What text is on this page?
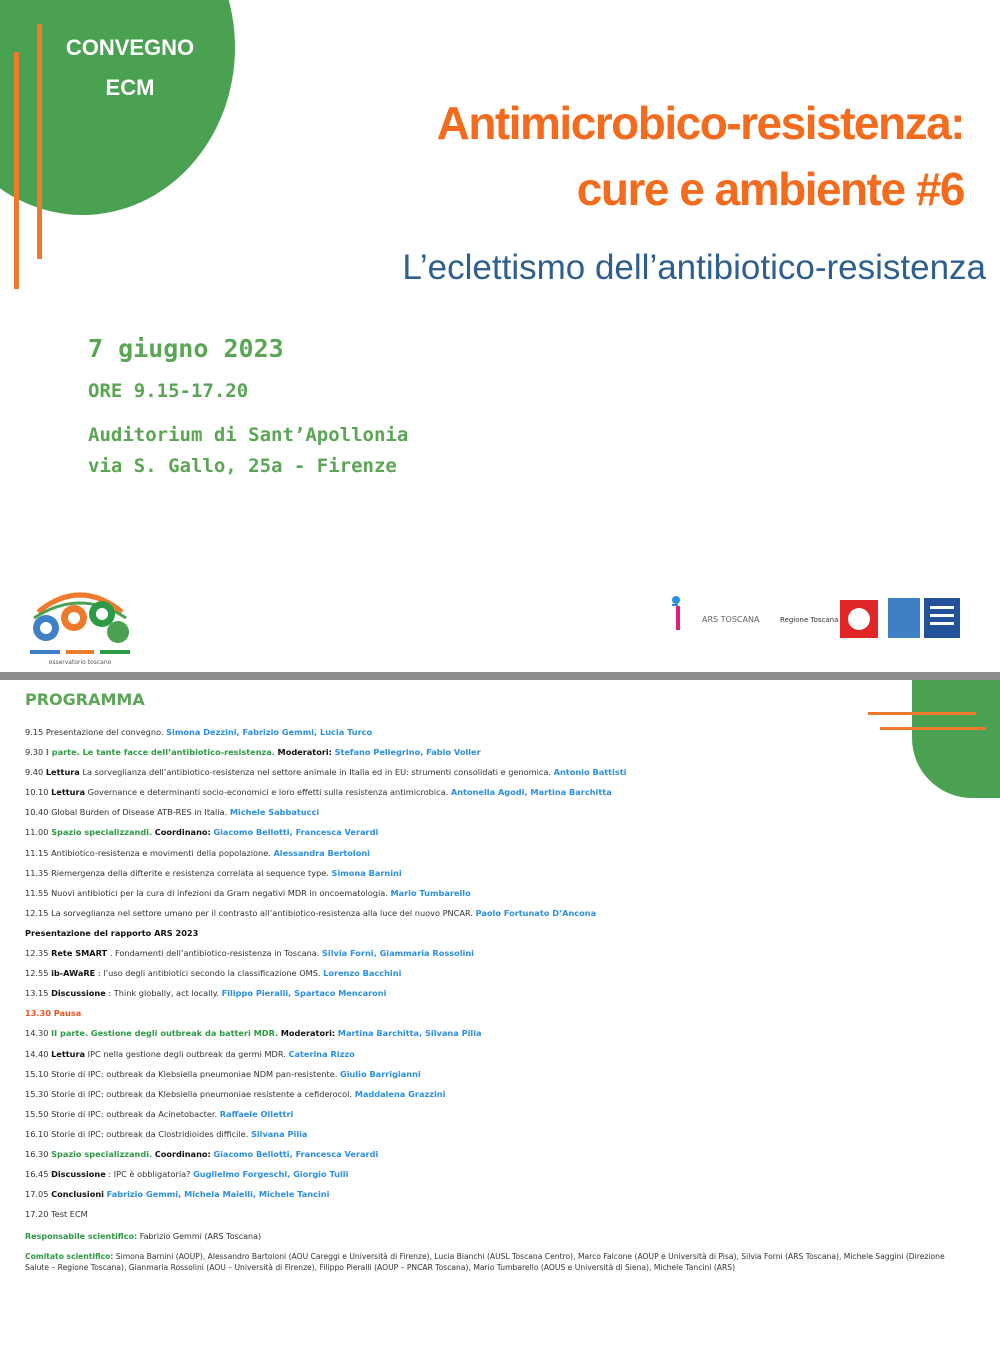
CONVEGNO
ECM
Antimicrobico-resistenza:
cure e ambiente #6
L’eclettismo dell’antibiotico-resistenza
7 giugno 2023
ORE 9.15-17.20
Auditorium di Sant’Apollonia
via S. Gallo, 25a - Firenze
osservatorio toscano
ARS TOSCANA	Regione Toscana
PROGRAMMA
9.15 Presentazione del convegno. Simona Dezzini, Fabrizio Gemmi, Lucia Turco
9.30 I parte. Le tante facce dell’antibiotico-resistenza. Moderatori: Stefano Pellegrino, Fabio Voller
9.40 Lettura La sorveglianza dell’antibiotico-resistenza nel settore animale in Italia ed in EU: strumenti consolidati e genomica. Antonio Battisti
10.10 Lettura Governance e determinanti socio-economici e loro effetti sulla resistenza antimicrobica. Antonella Agodi, Martina Barchitta
10.40 Global Burden of Disease ATB-RES in Italia. Michele Sabbatucci
11.00 Spazio specializzandi. Coordinano: Giacomo Bellotti, Francesca Verardi
11.15 Antibiotico-resistenza e movimenti della popolazione. Alessandra Bertoloni
11.35 Riemergenza della difterite e resistenza correlata al sequence type. Simona Barnini
11.55 Nuovi antibiotici per la cura di infezioni da Gram negativi MDR in oncoematologia. Mario Tumbarello
12.15 La sorveglianza nel settore umano per il contrasto all’antibiotico-resistenza alla luce del nuovo PNCAR. Paolo Fortunato D’Ancona
Presentazione del rapporto ARS 2023
12.35 Rete SMART . Fondamenti dell’antibiotico-resistenza in Toscana. Silvia Forni, Giammaria Rossolini
12.55 ib-AWaRE : l’uso degli antibiotici secondo la classificazione OMS. Lorenzo Bacchini
13.15 Discussione : Think globally, act locally. Filippo Pieralli, Spartaco Mencaroni
13.30 Pausa
14.30 II parte. Gestione degli outbreak da batteri MDR. Moderatori: Martina Barchitta, Silvana Pilia
14.40 Lettura IPC nella gestione degli outbreak da germi MDR. Caterina Rizzo
15.10 Storie di IPC: outbreak da Klebsiella pneumoniae NDM pan-resistente. Giulio Barrigianni
15.30 Storie di IPC: outbreak da Klebsiella pneumoniae resistente a cefiderocol. Maddalena Grazzini
15.50 Storie di IPC: outbreak da Acinetobacter. Raffaele Ollettri
16.10 Storie di IPC: outbreak da Clostridioides difficile. Silvana Pilia
16.30 Spazio specializzandi. Coordinano: Giacomo Bellotti, Francesca Verardi
16.45 Discussione : IPC è obbligatoria? Guglielmo Forgeschi, Giorgio Tulli
17.05 Conclusioni Fabrizio Gemmi, Michela Maielli, Michele Tancini
17.20 Test ECM
Responsabile scientifico: Fabrizio Gemmi (ARS Toscana)
Comitato scientifico: Simona Barnini (AOUP), Alessandro Bartoloni (AOU Careggi e Università di Firenze), Lucia Bianchi (AUSL Toscana Centro), Marco Falcone (AOUP e Università di Pisa), Silvia Forni (ARS Toscana), Michele Saggini (Direzione Salute – Regione Toscana), Gianmaria Rossolini (AOU – Università di Firenze), Filippo Pieralli (AOUP – PNCAR Toscana), Mario Tumbarello (AOUS e Università di Siena), Michele Tancini (ARS)
